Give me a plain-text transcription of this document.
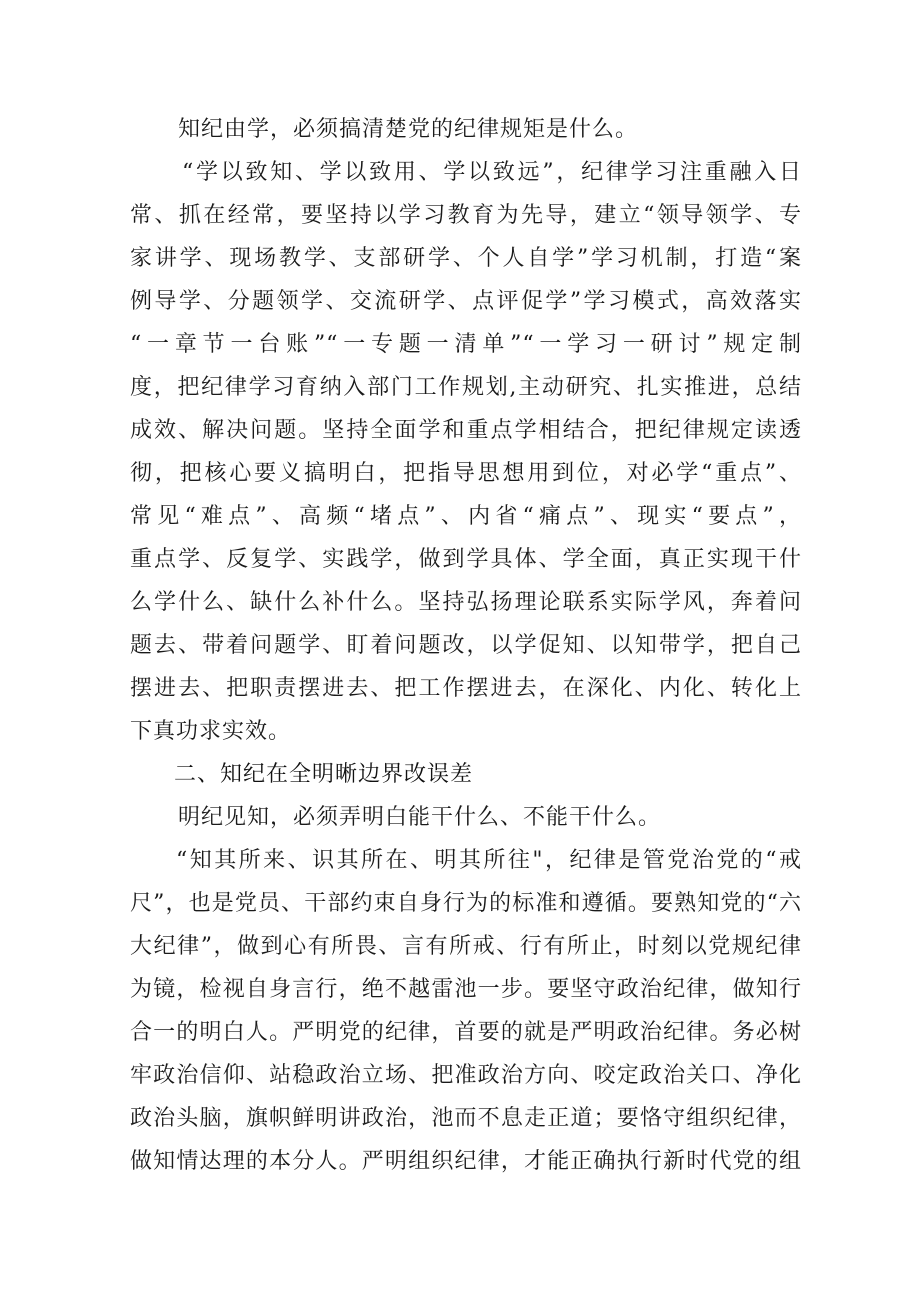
知纪由学，必须搞清楚党的纪律规矩是什么。
“学以致知、学以致用、学以致远”，纪律学习注重融入日
常、抓在经常，要坚持以学习教育为先导，建立“领导领学、专
家讲学、现场教学、支部研学、个人自学”学习机制，打造“案
例导学、分题领学、交流研学、点评促学”学习模式，高效落实
“一章节一台账”“一专题一清单”“一学习一研讨”规定制
度，把纪律学习育纳入部门工作规划,主动研究、扎实推进，总结
成效、解决问题。坚持全面学和重点学相结合，把纪律规定读透
彻，把核心要义搞明白，把指导思想用到位，对必学“重点”、
常见“难点”、高频“堵点”、内省“痛点”、现实“要点”，
重点学、反复学、实践学，做到学具体、学全面，真正实现干什
么学什么、缺什么补什么。坚持弘扬理论联系实际学风，奔着问
题去、带着问题学、盯着问题改，以学促知、以知带学，把自己
摆进去、把职责摆进去、把工作摆进去，在深化、内化、转化上
下真功求实效。
二、知纪在全明晰边界改误差
明纪见知，必须弄明白能干什么、不能干什么。
“知其所来、识其所在、明其所往"，纪律是管党治党的“戒
尺”，也是党员、干部约束自身行为的标准和遵循。要熟知党的“六
大纪律”，做到心有所畏、言有所戒、行有所止，时刻以党规纪律
为镜，检视自身言行，绝不越雷池一步。要坚守政治纪律，做知行
合一的明白人。严明党的纪律，首要的就是严明政治纪律。务必树
牢政治信仰、站稳政治立场、把准政治方向、咬定政治关口、净化
政治头脑，旗帜鲜明讲政治，池而不息走正道；要恪守组织纪律，
做知情达理的本分人。严明组织纪律，才能正确执行新时代党的组
